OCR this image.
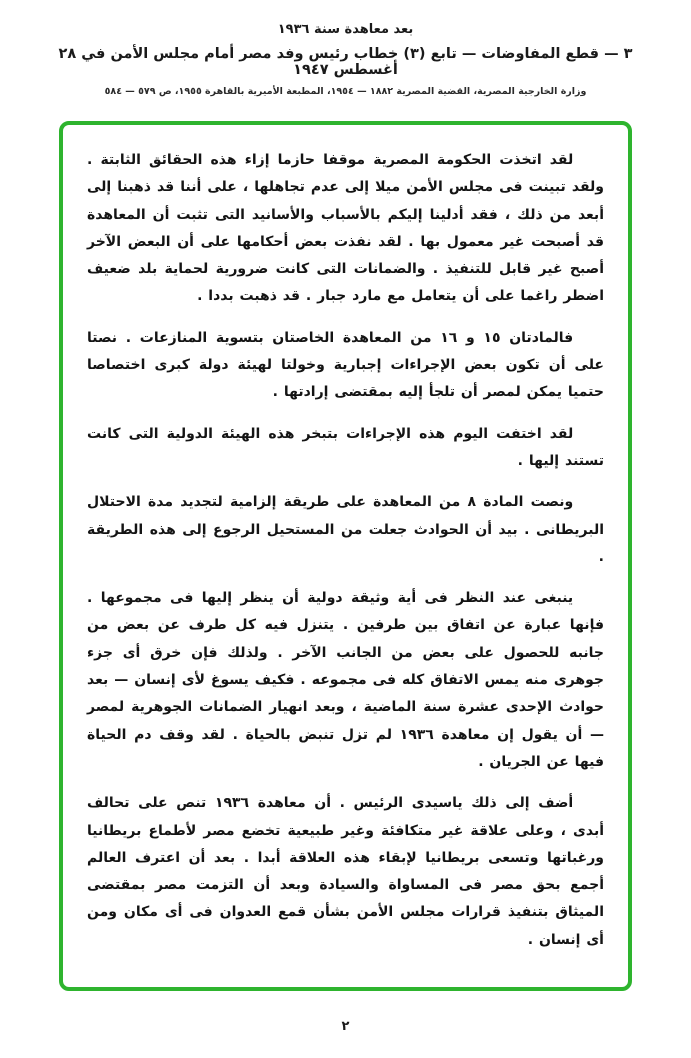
بعد معاهدة سنة ١٩٣٦
٣ — قطع المفاوضات — تابع (٣) خطاب رئيس وفد مصر أمام مجلس الأمن في ٢٨ أغسطس ١٩٤٧
وزارة الخارجية المصرية، القضية المصرية ١٨٨٢ — ١٩٥٤، المطبعة الأميرية بالقاهرة ١٩٥٥، ص ٥٧٩ — ٥٨٤

لقد اتخذت الحكومة المصرية موقفا حازما إزاء هذه الحقائق الثابتة . ولقد تبينت فى مجلس الأمن ميلا إلى عدم تجاهلها ، على أننا قد ذهبنا إلى أبعد من ذلك ، فقد أدلينا إليكم بالأسباب والأسانيد التى تثبت أن المعاهدة قد أصبحت غير معمول بها . لقد نفذت بعض أحكامها على أن البعض الآخر أصبح غير قابل للتنفيذ . والضمانات التى كانت ضرورية لحماية بلد ضعيف اضطر راغما على أن يتعامل مع مارد جبار . قد ذهبت بددا .

فالمادتان ١٥ و ١٦ من المعاهدة الخاصتان بتسوية المنازعات . نصتا على أن تكون بعض الإجراءات إجبارية وخولتا لهيئة دولة كبرى اختصاصا حتميا يمكن لمصر أن تلجأ إليه بمقتضى إرادتها .

لقد اختفت اليوم هذه الإجراءات بتبخر هذه الهيئة الدولية التى كانت تستند إليها .

ونصت المادة ٨ من المعاهدة على طريقة إلزامية لتجديد مدة الاحتلال البريطانى . بيد أن الحوادث جعلت من المستحيل الرجوع إلى هذه الطريقة .

ينبغى عند النظر فى أية وثيقة دولية أن ينظر إليها فى مجموعها . فإنها عبارة عن اتفاق بين طرفين . يتنزل فيه كل طرف عن بعض من جانبه للحصول على بعض من الجانب الآخر . ولذلك فإن خرق أى جزء جوهرى منه يمس الاتفاق كله فى مجموعه . فكيف يسوغ لأى إنسان — بعد حوادث الإحدى عشرة سنة الماضية ، وبعد انهيار الضمانات الجوهرية لمصر — أن يقول إن معاهدة ١٩٣٦ لم تزل تنبض بالحياة . لقد وقف دم الحياة فيها عن الجريان .

أضف إلى ذلك ياسيدى الرئيس . أن معاهدة ١٩٣٦ تنص على تحالف أبدى ، وعلى علاقة غير متكافئة وغير طبيعية تخضع مصر لأطماع بريطانيا ورغباتها وتسعى بريطانيا لإبقاء هذه العلاقة أبدا . بعد أن اعترف العالم أجمع بحق مصر فى المساواة والسيادة وبعد أن التزمت مصر بمقتضى الميثاق بتنفيذ قرارات مجلس الأمن بشأن قمع العدوان فى أى مكان ومن أى إنسان .

٢
